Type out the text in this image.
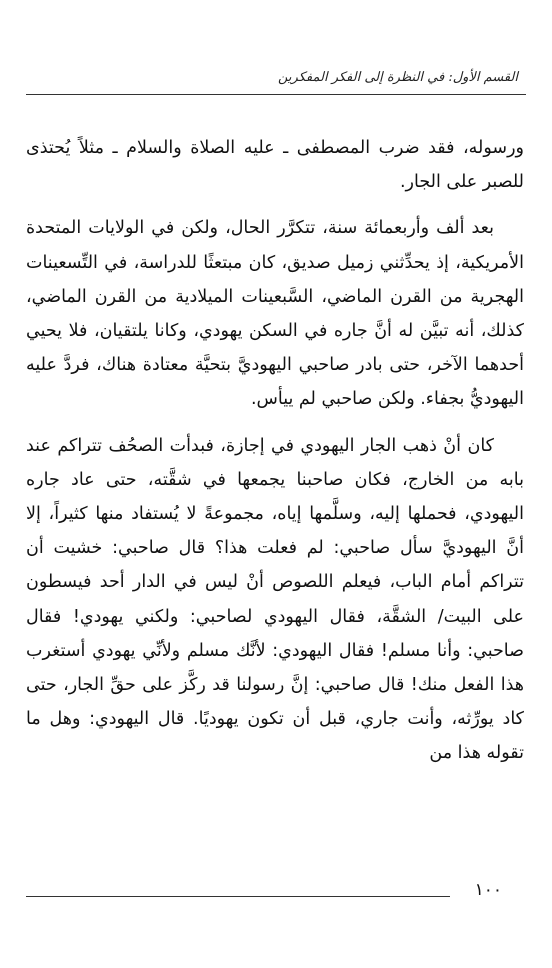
القسم الأول: في النظرة إلى الفكر المفكرين

ورسوله، فقد ضرب المصطفى ـ عليه الصلاة والسلام ـ مثلاً يُحتذى للصبر على الجار.

بعد ألف وأربعمائة سنة، تتكرَّر الحال، ولكن في الولايات المتحدة الأمريكية، إذ يحدِّثني زميل صديق، كان مبتعثًا للدراسة، في التِّسعينات الهجرية من القرن الماضي، السَّبعينات الميلادية من القرن الماضي، كذلك، أنه تبيَّن له أنَّ جاره في السكن يهودي، وكانا يلتقيان، فلا يحيي أحدهما الآخر، حتى بادر صاحبي اليهوديَّ بتحيَّة معتادة هناك، فردَّ عليه اليهوديُّ بجفاء. ولكن صاحبي لم ييأس.

كان أنْ ذهب الجار اليهودي في إجازة، فبدأت الصحُف تتراكم عند بابه من الخارج، فكان صاحبنا يجمعها في شقَّته، حتى عاد جاره اليهودي، فحملها إليه، وسلَّمها إياه، مجموعةً لا يُستفاد منها كثيراً، إلا أنَّ اليهوديَّ سأل صاحبي: لم فعلت هذا؟ قال صاحبي: خشيت أن تتراكم أمام الباب، فيعلم اللصوص أنْ ليس في الدار أحد فيسطون على البيت/ الشقَّة، فقال اليهودي لصاحبي: ولكني يهودي! فقال صاحبي: وأنا مسلم! فقال اليهودي: لأنَّك مسلم ولأنِّي يهودي أستغرب هذا الفعل منك! قال صاحبي: إنَّ رسولنا قد ركَّز على حقِّ الجار، حتى كاد يورِّثه، وأنت جاري، قبل أن تكون يهوديًا. قال اليهودي: وهل ما تقوله هذا من

١٠٠
